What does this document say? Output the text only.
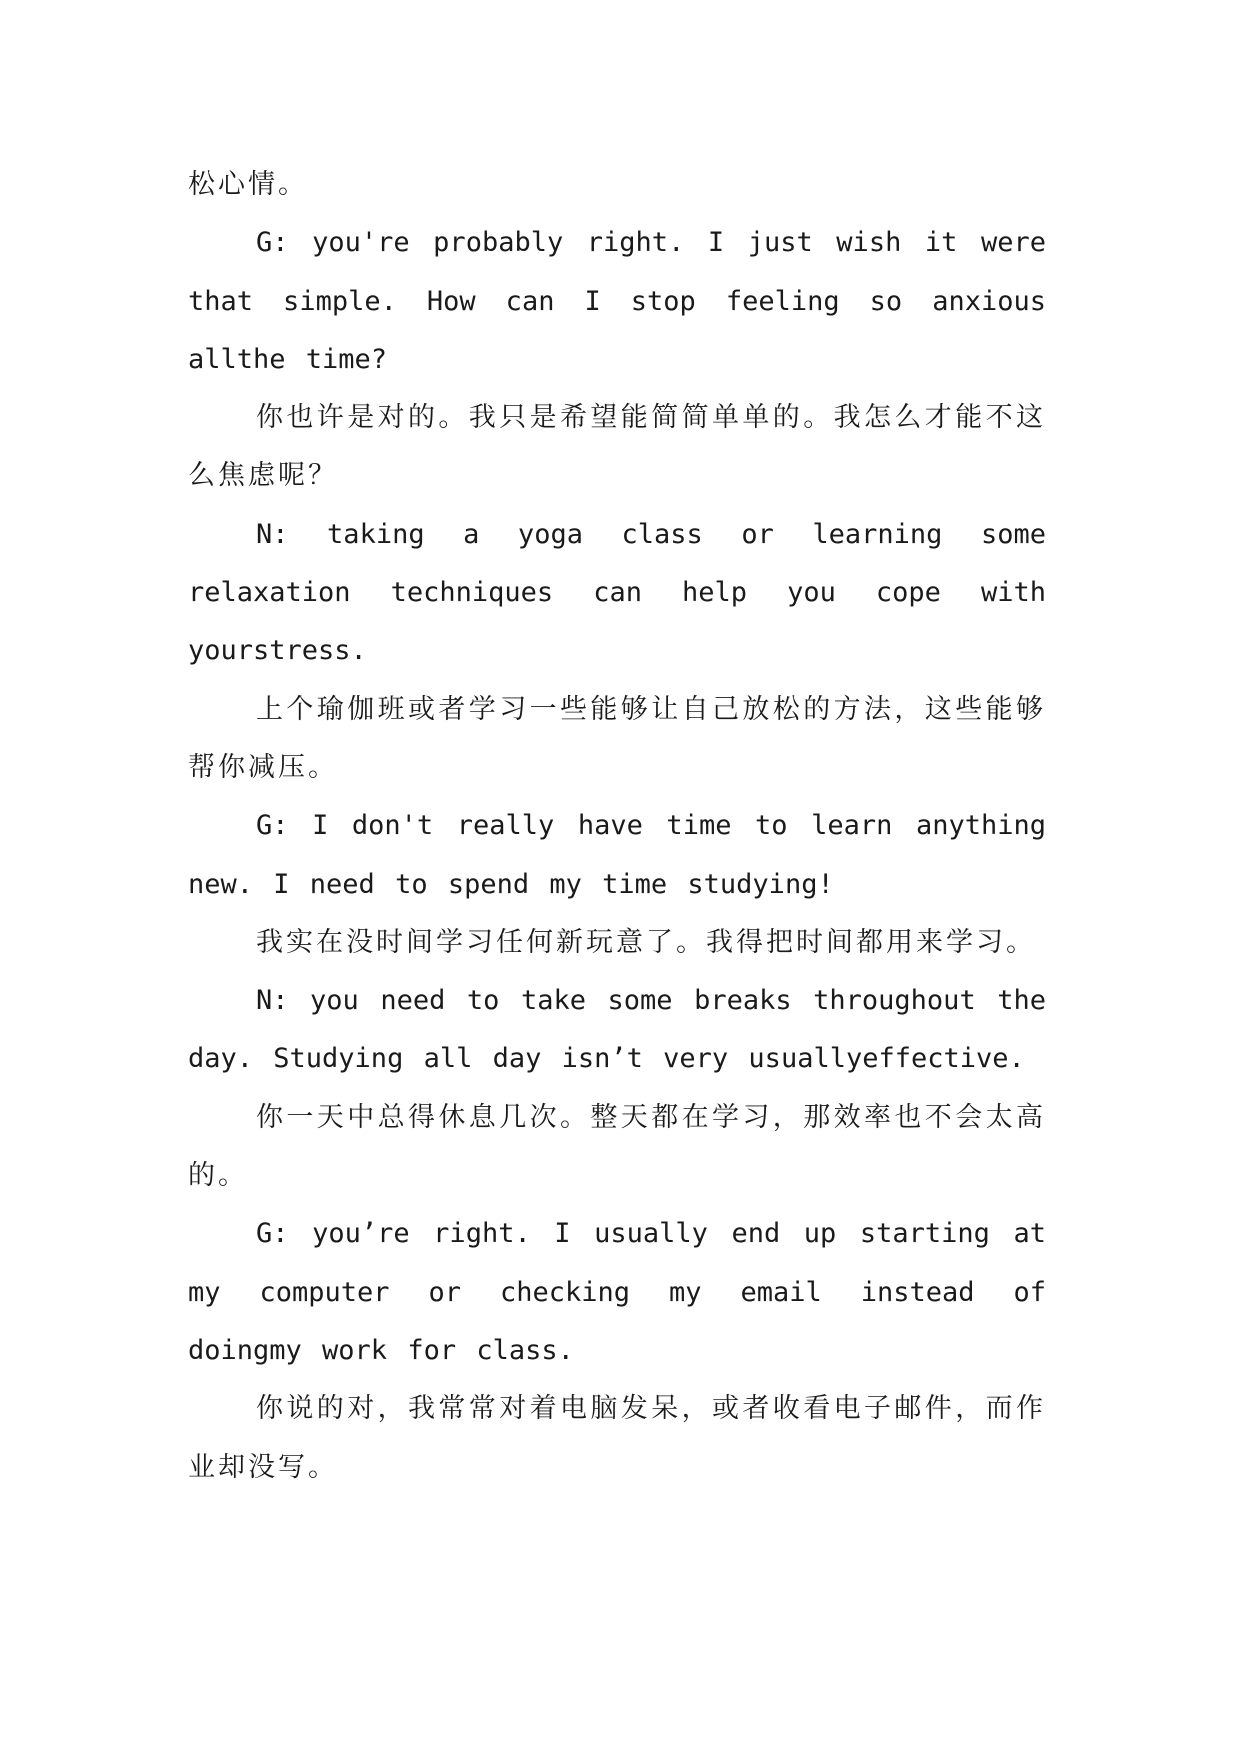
松心情。

G: you're probably right. I just wish it were that simple. How can I stop feeling so anxious allthe time?

你也许是对的。我只是希望能简简单单的。我怎么才能不这么焦虑呢？

N: taking a yoga class or learning some relaxation techniques can help you cope with yourstress.

上个瑜伽班或者学习一些能够让自己放松的方法，这些能够帮你减压。

G: I don't really have time to learn anything new. I need to spend my time studying!

我实在没时间学习任何新玩意了。我得把时间都用来学习。

N: you need to take some breaks throughout the day. Studying all day isn’t very usuallyeffective.

你一天中总得休息几次。整天都在学习，那效率也不会太高的。

G: you’re right. I usually end up starting at my computer or checking my email instead of doingmy work for class.

你说的对，我常常对着电脑发呆，或者收看电子邮件，而作业却没写。
